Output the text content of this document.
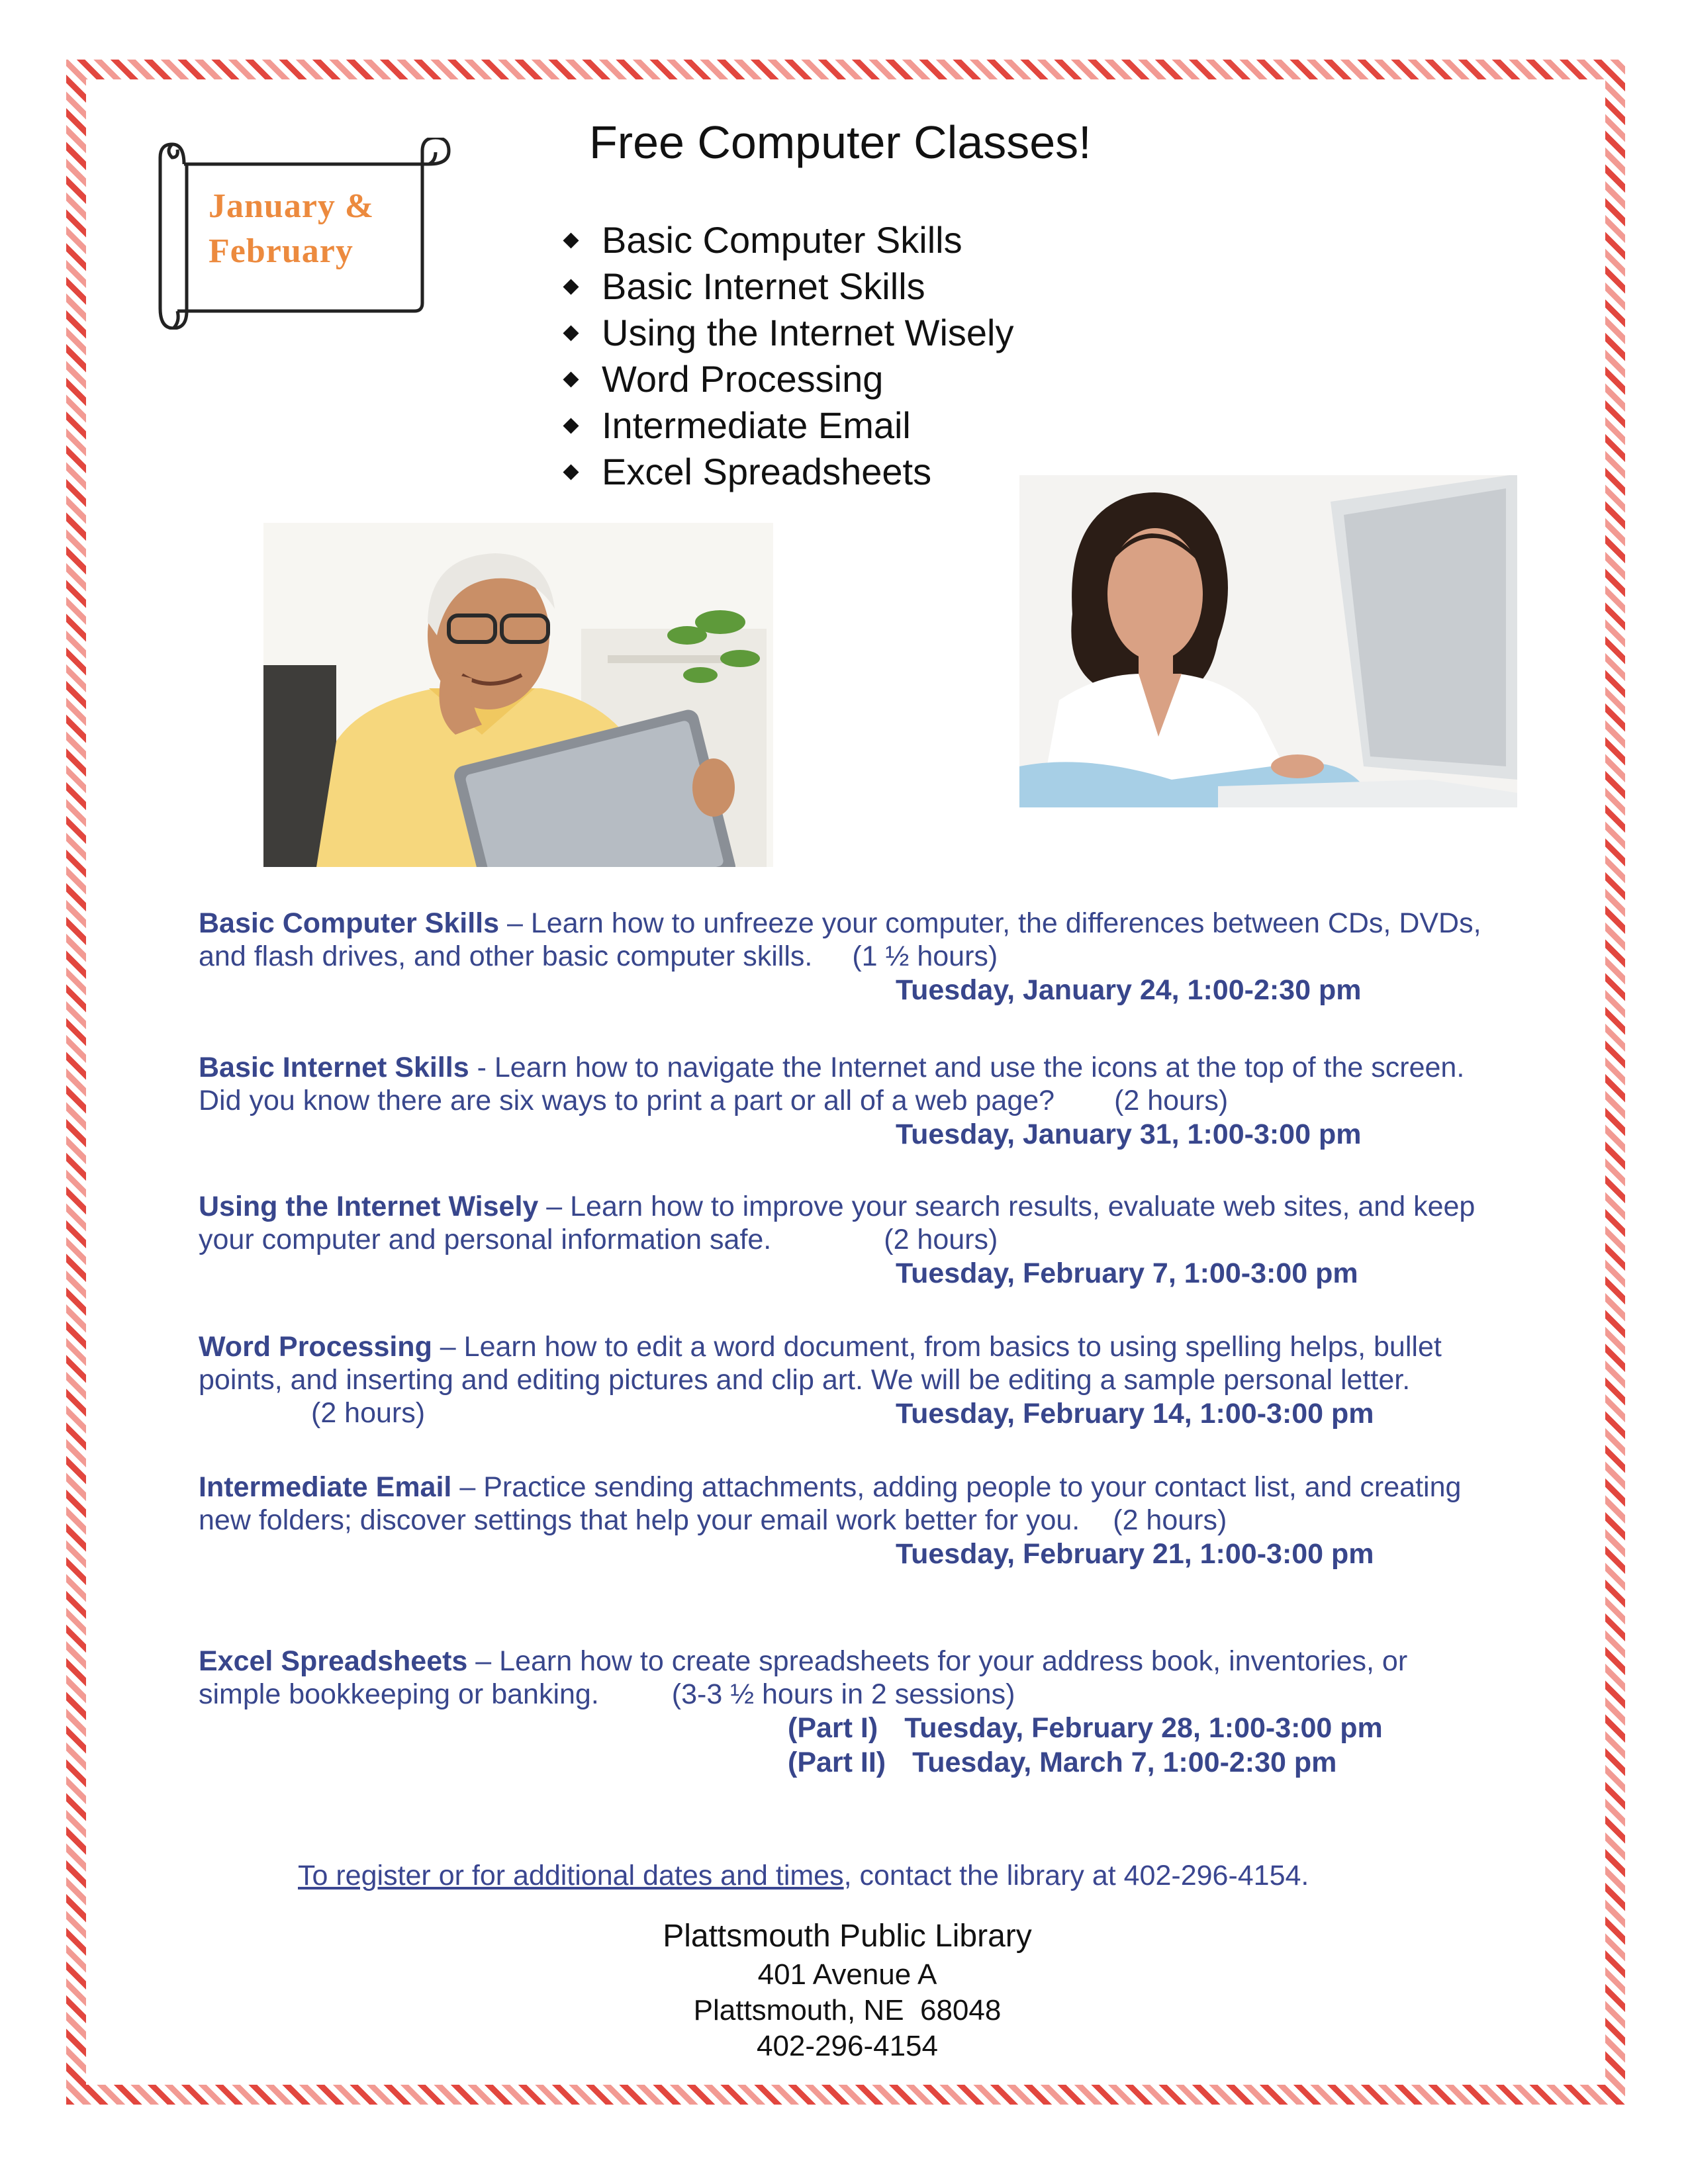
January &
February
Free Computer Classes!
Basic Computer Skills
Basic Internet Skills
Using the Internet Wisely
Word Processing
Intermediate Email
Excel Spreadsheets

Basic Computer Skills – Learn how to unfreeze your computer, the differences between CDs, DVDs, and flash drives, and other basic computer skills. (1 ½ hours)

Tuesday, January 24, 1:00-2:30 pm

Basic Internet Skills - Learn how to navigate the Internet and use the icons at the top of the screen. Did you know there are six ways to print a part or all of a web page? (2 hours)

Tuesday, January 31, 1:00-3:00 pm

Using the Internet Wisely – Learn how to improve your search results, evaluate web sites, and keep your computer and personal information safe.	(2 hours)

Tuesday, February 7, 1:00-3:00 pm

Word Processing – Learn how to edit a word document, from basics to using spelling helps, bullet points, and inserting and editing pictures and clip art. We will be editing a sample personal letter.(2 hours)	Tuesday, February 14, 1:00-3:00 pm

Intermediate Email – Practice sending attachments, adding people to your contact list, and creating new folders; discover settings that help your email work better for you. (2 hours)

Tuesday, February 21, 1:00-3:00 pm

Excel Spreadsheets – Learn how to create spreadsheets for your address book, inventories, or simple bookkeeping or banking.	(3-3 ½ hours in 2 sessions)

(Part I) Tuesday, February 28, 1:00-3:00 pm
(Part II) Tuesday, March 7, 1:00-2:30 pm
To register or for additional dates and times, contact the library at 402-296-4154.
Plattsmouth Public Library
401 Avenue A
Plattsmouth, NE  68048
402-296-4154
